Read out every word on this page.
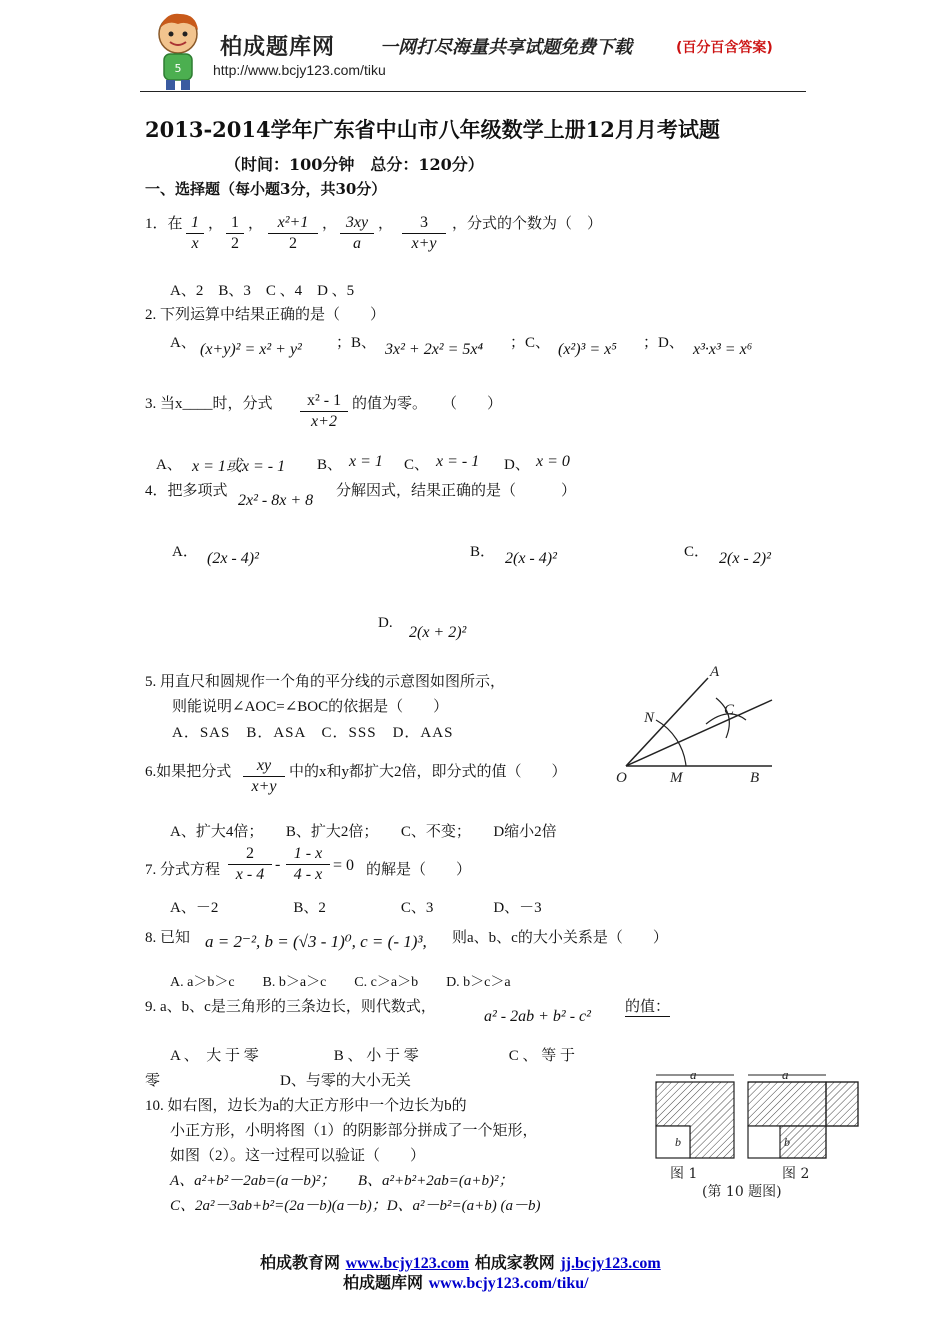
5
柏成题库网 一网打尽海量共享试题免费下载	(百分百含答案)
http://www.bcjy123.com/tiku
2013-2014学年广东省中山市八年级数学上册12月月考试题
（时间：100分钟　总分：120分）
一、选择题（每小题3分，共30分）
1．在 1
x
， 1
2
， x²+1
2
， 3xy
a
，	3
x+y
，分式的个数为（　）
A、2　B、3　C 、4　D 、5
2. 下列运算中结果正确的是（　　）
A、 (x+y)² = x² + y² ；B、 3x² + 2x² = 5x⁴ ；C、 (x²)³ = x⁵ ；D、 x³·x³ = x⁶
3. 当x____时，分式	x² - 1
x+2
的值为零。　　（　　）
A、 x = 1或x = - 1 B、 x = 1 C、 x = - 1 D、 x = 0
4．把多项式
2x² - 8x + 8
分解因式，结果正确的是（　　　）
A． (2x - 4)²	B． 2(x - 4)²	C． 2(x - 2)²
D.
2(x + 2)²
5. 用直尺和圆规作一个角的平分线的示意图如图所示，
则能说明∠AOC=∠BOC的依据是（　　）
A．SAS　B．ASA　C．SSS　D．AAS
A
C
N
O	M	B
6.如果把分式	xy
x+y
中的x和y都扩大2倍，即分式的值（　　）
A、扩大4倍；　　B、扩大2倍；　　C、不变；　　D缩小2倍
7. 分式方程
2
x - 4
-
1 - x
4 - x
= 0 的解是（　　）
A、－2　　　　　B、2　　　　　C、3　　　　D、－3
8. 已知 a = 2⁻², b = (√3 - 1)⁰, c = (- 1)³, 则a、b、c的大小关系是（　　）
A. a＞b＞c　　B. b＞a＞c　　C. c＞a＞b　　D. b＞c＞a
9. a、b、c是三角形的三条边长，则代数式，
a² - 2ab + b² - c²
的值：
A 、　大 于 零　　　　　B 、 小 于 零　　　　　　C 、 等 于
零　　　　　　　　D、与零的大小无关
10. 如右图，边长为a的大正方形中一个边长为b的
小正方形，小明将图（1）的阴影部分拼成了一个矩形，
如图（2）。这一过程可以验证（　　）
A、a²+b²－2ab=(a－b)²；　　B、a²+b²+2ab=(a+b)²；
C、2a²－3ab+b²=(2a－b)(a－b)；D、a²－b²=(a+b) (a－b)
a
b
a
b
图 1	图 2
(第 10 题图)
柏成教育网 www.bcjy123.com 柏成家教网 jj.bcjy123.com
柏成题库网 www.bcjy123.com/tiku/
